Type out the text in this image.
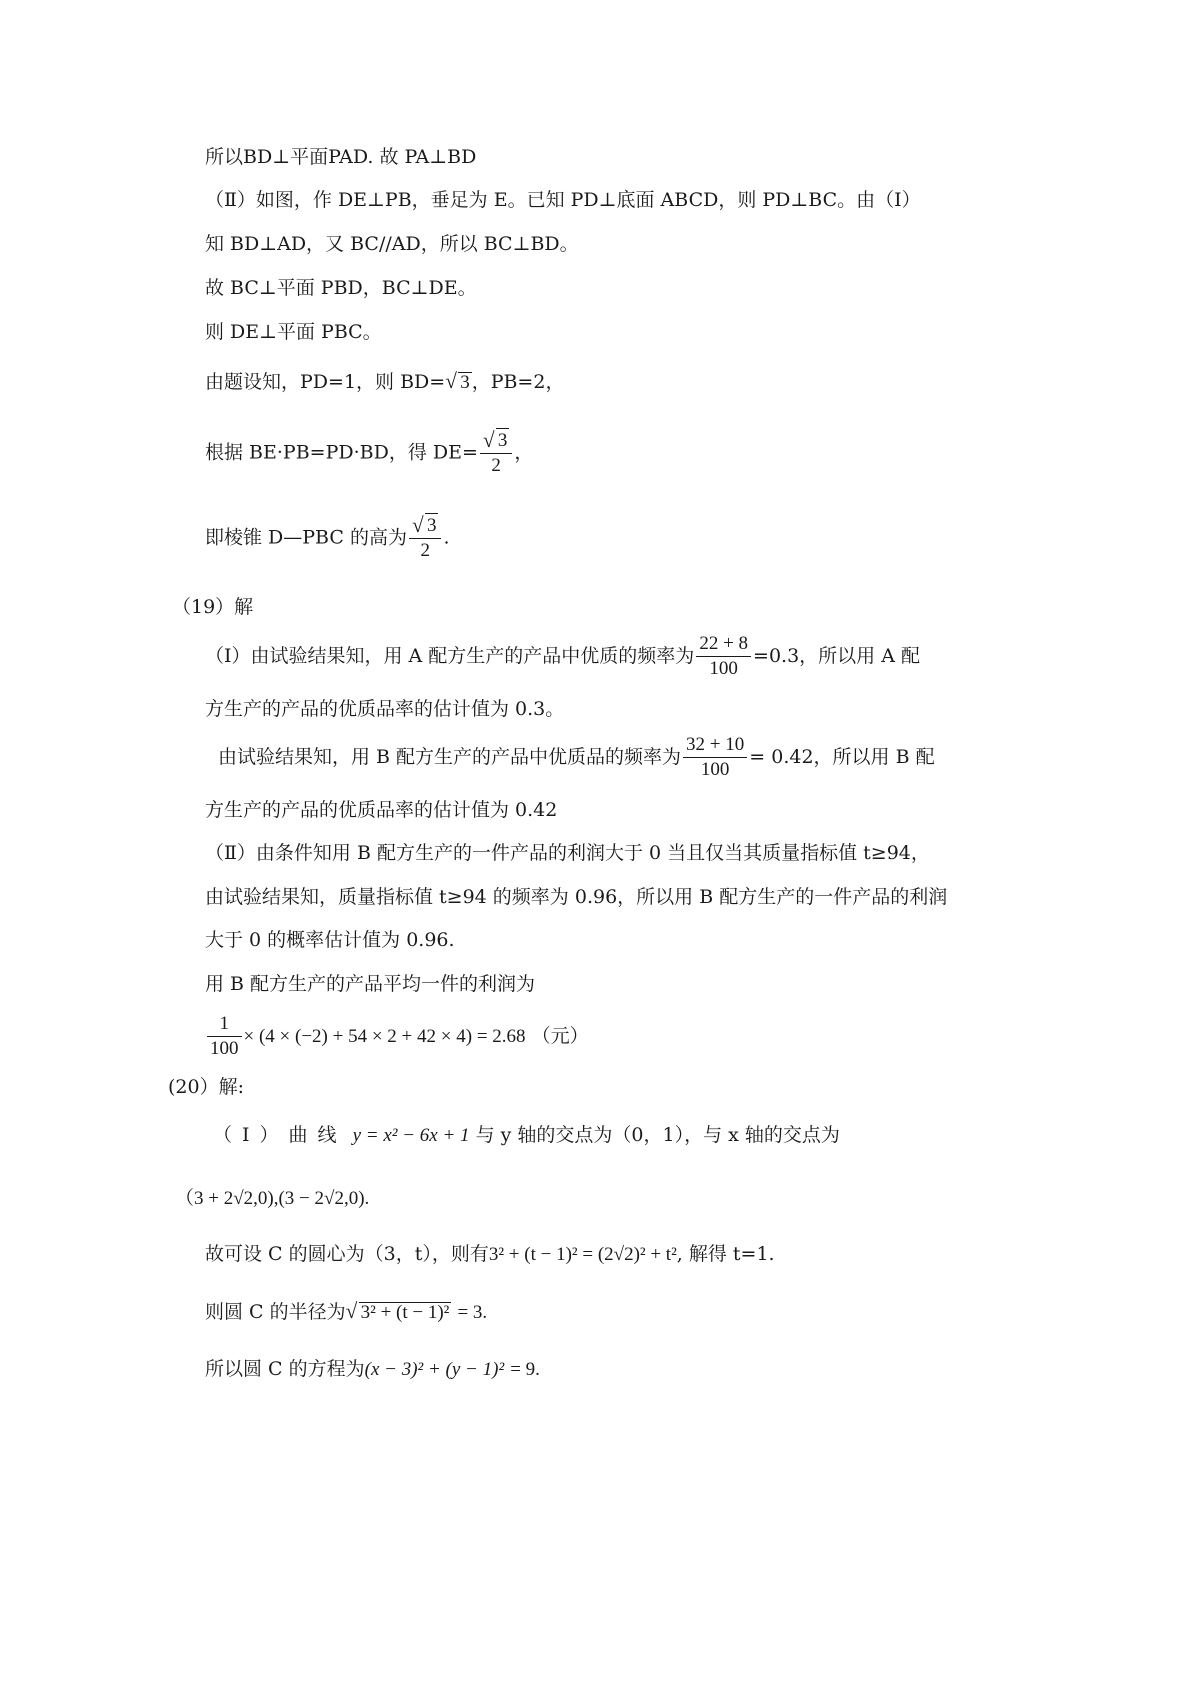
所以BD⊥平面PAD. 故 PA⊥BD
（Ⅱ）如图，作 DE⊥PB，垂足为 E。已知 PD⊥底面 ABCD，则 PD⊥BC。由（Ⅰ）
知 BD⊥AD，又 BC//AD，所以 BC⊥BD。
故 BC⊥平面 PBD，BC⊥DE。
则 DE⊥平面 PBC。
由题设知，PD=1，则 BD= √ 3 ，PB=2，
根据 BE·PB=PD·BD，得 DE= √ $\frac{3}{2}$ ，
即棱锥 D—PBC 的高为 √ $\frac{3}{2}$ .
（19）解
（Ⅰ）由试验结果知，用 A 配方生产的产品中优质的频率为 $\frac{22 + 8}{100} =0.3$，所以用 A 配
方生产的产品的优质品率的估计值为 0.3。
由试验结果知，用 B 配方生产的产品中优质品的频率为 $\frac{32 + 10}{100} = 0.42$，所以用 B 配
方生产的产品的优质品率的估计值为 0.42
（Ⅱ）由条件知用 B 配方生产的一件产品的利润大于 0 当且仅当其质量指标值 t≥94，
由试验结果知，质量指标值 t≥94 的频率为 0.96，所以用 B 配方生产的一件产品的利润
大于 0 的概率估计值为 0.96.
用 B 配方生产的产品平均一件的利润为
$\frac{1}{100} \times (4 \times (-2) + 54 \times 2 + 42 \times 4) = 2.68$ （元）
(20）解:
（Ⅰ）曲线 y = x² − 6x + 1 与 y 轴的交点为（0，1），与 x 轴的交点为
（3 + 2√2,0),(3 − 2√2,0).
故可设 C 的圆心为（3，t），则有3² + (t − 1)² = (2√2)² + t², 解得 t=1.
则圆 C 的半径为 √ 3² + (t − 1)² = 3.
所以圆 C 的方程为(x − 3)² + (y − 1)² = 9.
